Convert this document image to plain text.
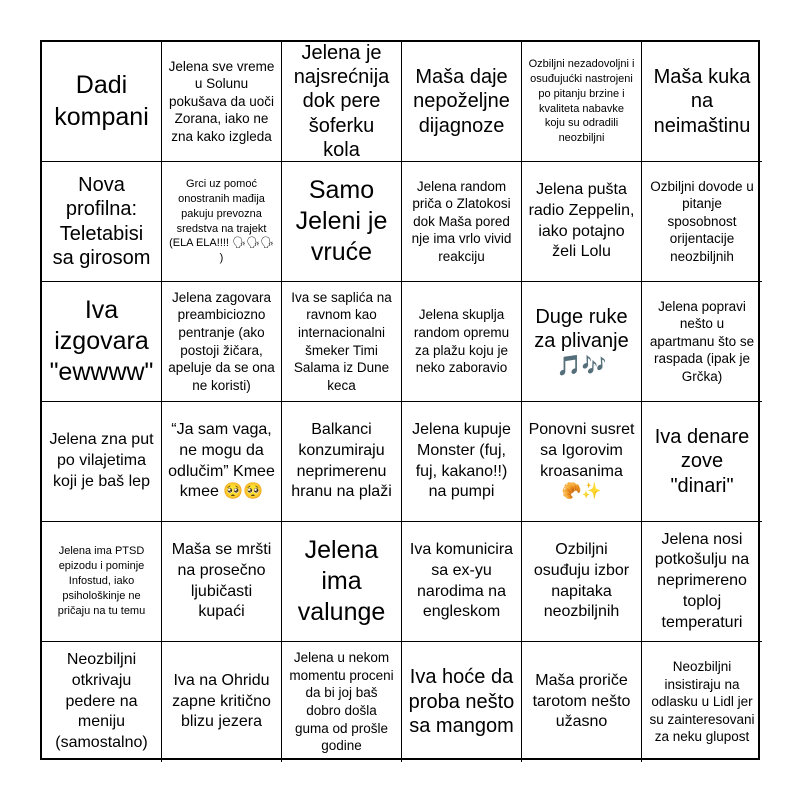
Dadi kompani
Jelena sve vreme u Solunu pokušava da uoči Zorana, iako ne zna kako izgleda
Jelena je najsrećnija dok pere šoferku kola
Maša daje nepoželjne dijagnoze
Ozbiljni nezadovoljni i osuđujućki nastrojeni po pitanju brzine i kvaliteta nabavke koju su odradili neozbiljni
Maša kuka na neimaštinu
Nova profilna: Teletabisi sa girosom
Grci uz pomoć onostranih mađija pakuju prevozna sredstva na trajekt (ELA ELA!!!! 🗣🗣🗣 )
Samo Jeleni je vruće
Jelena random priča o Zlatokosi dok Maša pored nje ima vrlo vivid reakciju
Jelena pušta radio Zeppelin, iako potajno želi Lolu
Ozbiljni dovode u pitanje sposobnost orijentacije neozbiljnih
Iva izgovara "ewwww"
Jelena zagovara preambiciozno pentranje (ako postoji žičara, apeluje da se ona ne koristi)
Iva se saplića na ravnom kao internacionalni šmeker Timi Salama iz Dune keca
Jelena skuplja random opremu za plažu koju je neko zaboravio
Duge ruke za plivanje 🎵🎶
Jelena popravi nešto u apartmanu što se raspada (ipak je Grčka)
Jelena zna put po vilajetima koji je baš lep
“Ja sam vaga, ne mogu da odlučim” Kmee kmee 🥺🥺
Balkanci konzumiraju neprimerenu hranu na plaži
Jelena kupuje Monster (fuj, fuj, kakano!!) na pumpi
Ponovni susret sa Igorovim kroasanima 🥐✨
Iva denare zove "dinari"
Jelena ima PTSD epizodu i pominje Infostud, iako psihološkinje ne pričaju na tu temu
Maša se mršti na prosečno ljubičasti kupaći
Jelena ima valunge
Iva komunicira sa ex-yu narodima na engleskom
Ozbiljni osuđuju izbor napitaka neozbiljnih
Jelena nosi potkošulju na neprimereno toploj temperaturi
Neozbiljni otkrivaju pedere na meniju (samostalno)
Iva na Ohridu zapne kritično blizu jezera
Jelena u nekom momentu proceni da bi joj baš dobro došla guma od prošle godine
Iva hoće da proba nešto sa mangom
Maša proriče tarotom nešto užasno
Neozbiljni insistiraju na odlasku u Lidl jer su zainteresovani za neku glupost
